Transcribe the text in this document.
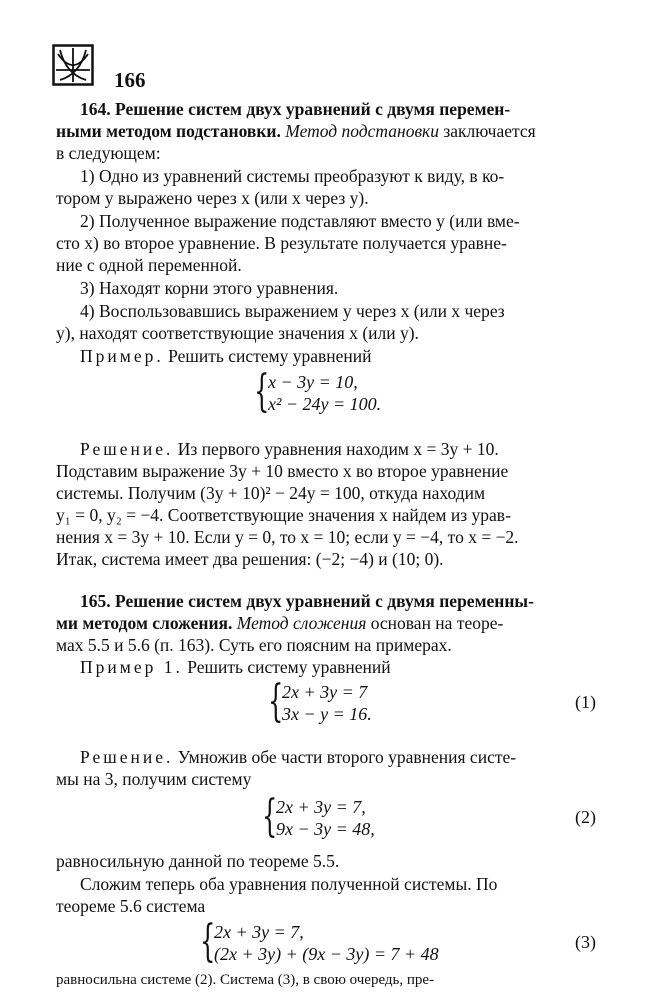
166
164. Решение систем двух уравнений с двумя перемен-
ными методом подстановки. Метод подстановки заключается
в следующем:
1) Одно из уравнений системы преобразуют к виду, в ко-
тором y выражено через x (или x через y).
2) Полученное выражение подставляют вместо y (или вме-
сто x) во второе уравнение. В результате получается уравне-
ние с одной переменной.
3) Находят корни этого уравнения.
4) Воспользовавшись выражением y через x (или x через
y), находят соответствующие значения x (или y).
Пример. Решить систему уравнений
{
x − 3y = 10,
x² − 24y = 100.
Решение. Из первого уравнения находим x = 3y + 10.
Подставим выражение 3y + 10 вместо x во второе уравнение
системы. Получим (3y + 10)² − 24y = 100, откуда находим
y₁ = 0, y₂ = −4. Соответствующие значения x найдем из урав-
нения x = 3y + 10. Если y = 0, то x = 10; если y = −4, то x = −2.
Итак, система имеет два решения: (−2; −4) и (10; 0).
165. Решение систем двух уравнений с двумя переменны-
ми методом сложения. Метод сложения основан на теоре-
мах 5.5 и 5.6 (п. 163). Суть его поясним на примерах.
Пример 1. Решить систему уравнений
{
2x + 3y = 7
3x − y = 16.
(1)
Решение. Умножив обе части второго уравнения систе-
мы на 3, получим систему
{
2x + 3y = 7,
9x − 3y = 48,
(2)
равносильную данной по теореме 5.5.
Сложим теперь оба уравнения полученной системы. По
теореме 5.6 система
{
2x + 3y = 7,
(2x + 3y) + (9x − 3y) = 7 + 48
(3)
равносильна системе (2). Система (3), в свою очередь, пре-
